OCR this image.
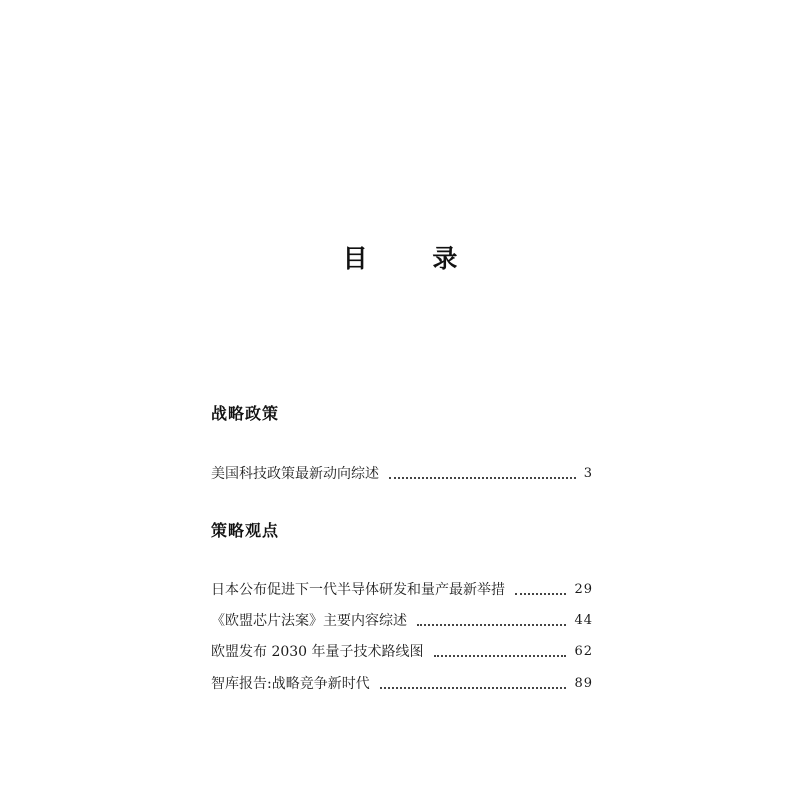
目 录
战略政策
美国科技政策最新动向综述	3
策略观点
日本公布促进下一代半导体研发和量产最新举措	29
《欧盟芯片法案》主要内容综述	44
欧盟发布 2030 年量子技术路线图	62
智库报告:战略竞争新时代	89
